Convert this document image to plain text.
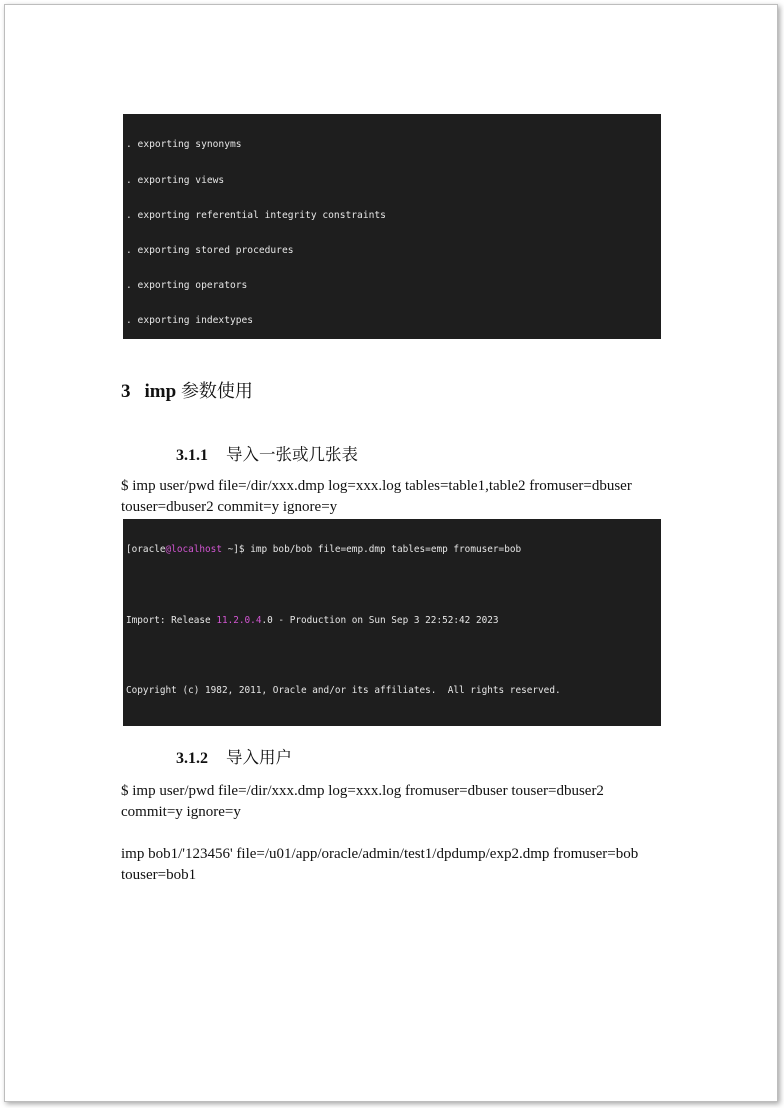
. exporting synonyms

. exporting views

. exporting referential integrity constraints

. exporting stored procedures

. exporting operators

. exporting indextypes

3 imp 参数使用
3.1.1 导入一张或几张表
$ imp user/pwd file=/dir/xxx.dmp log=xxx.log tables=table1,table2 fromuser=dbuser
touser=dbuser2 commit=y ignore=y

[oracle@localhost ~]$ imp bob/bob file=emp.dmp tables=emp fromuser=bob

Import: Release 11.2.0.4.0 - Production on Sun Sep 3 22:52:42 2023

Copyright (c) 1982, 2011, Oracle and/or its affiliates.  All rights reserved.

3.1.2 导入用户
$ imp user/pwd file=/dir/xxx.dmp log=xxx.log fromuser=dbuser touser=dbuser2
commit=y ignore=y
imp bob1/'123456' file=/u01/app/oracle/admin/test1/dpdump/exp2.dmp fromuser=bob
touser=bob1
